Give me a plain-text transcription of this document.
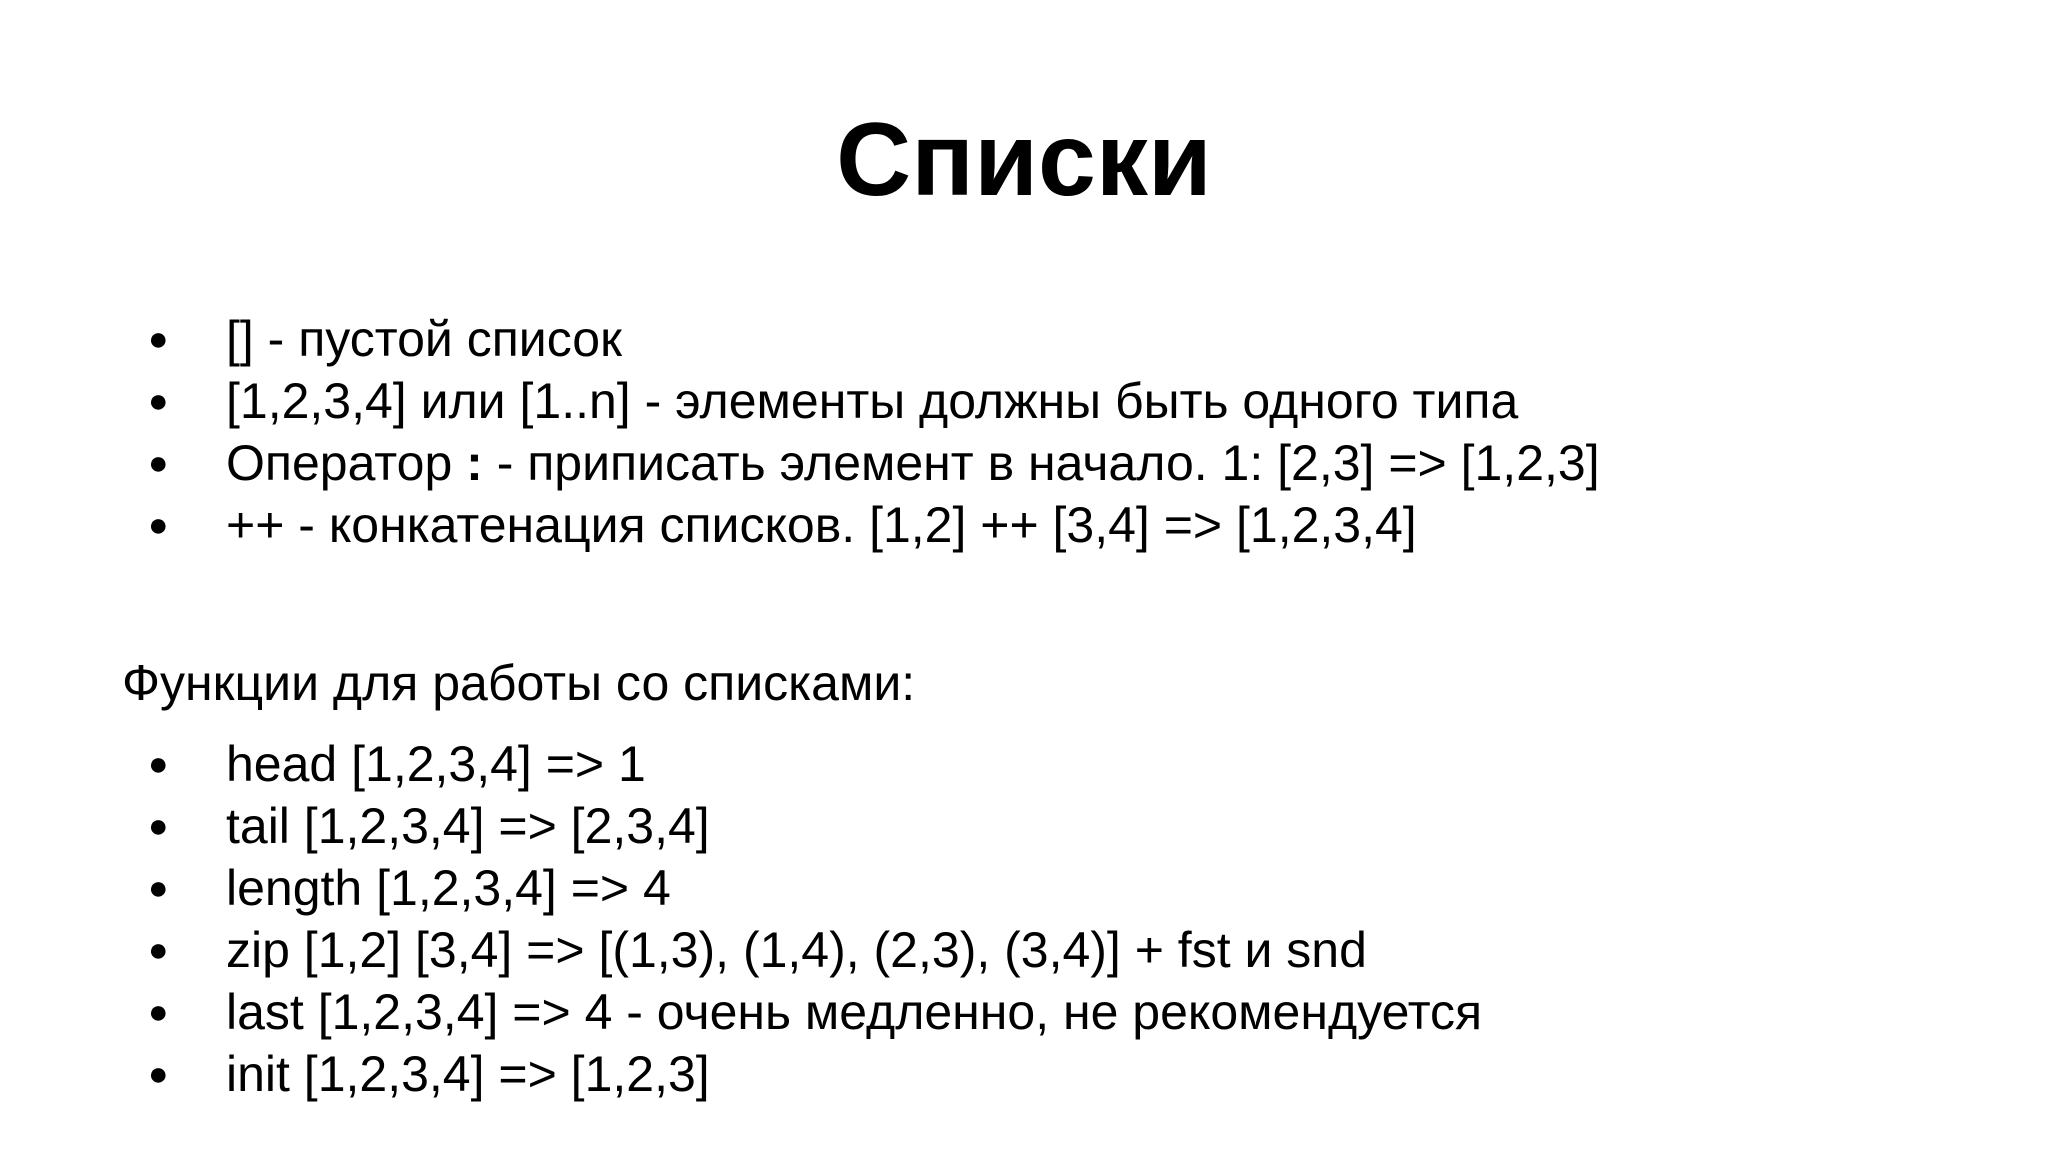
Списки
● [] - пустой список
● [1,2,3,4] или [1..n] - элементы должны быть одного типа
● Оператор : - приписать элемент в начало. 1: [2,3] => [1,2,3]
● ++ - конкатенация списков. [1,2] ++ [3,4] => [1,2,3,4]
Функции для работы со списками:
● head [1,2,3,4] => 1
● tail [1,2,3,4] => [2,3,4]
● length [1,2,3,4] => 4
● zip [1,2] [3,4] => [(1,3), (1,4), (2,3), (3,4)] + fst и snd
● last [1,2,3,4] => 4 - очень медленно, не рекомендуется
● init [1,2,3,4] => [1,2,3]
